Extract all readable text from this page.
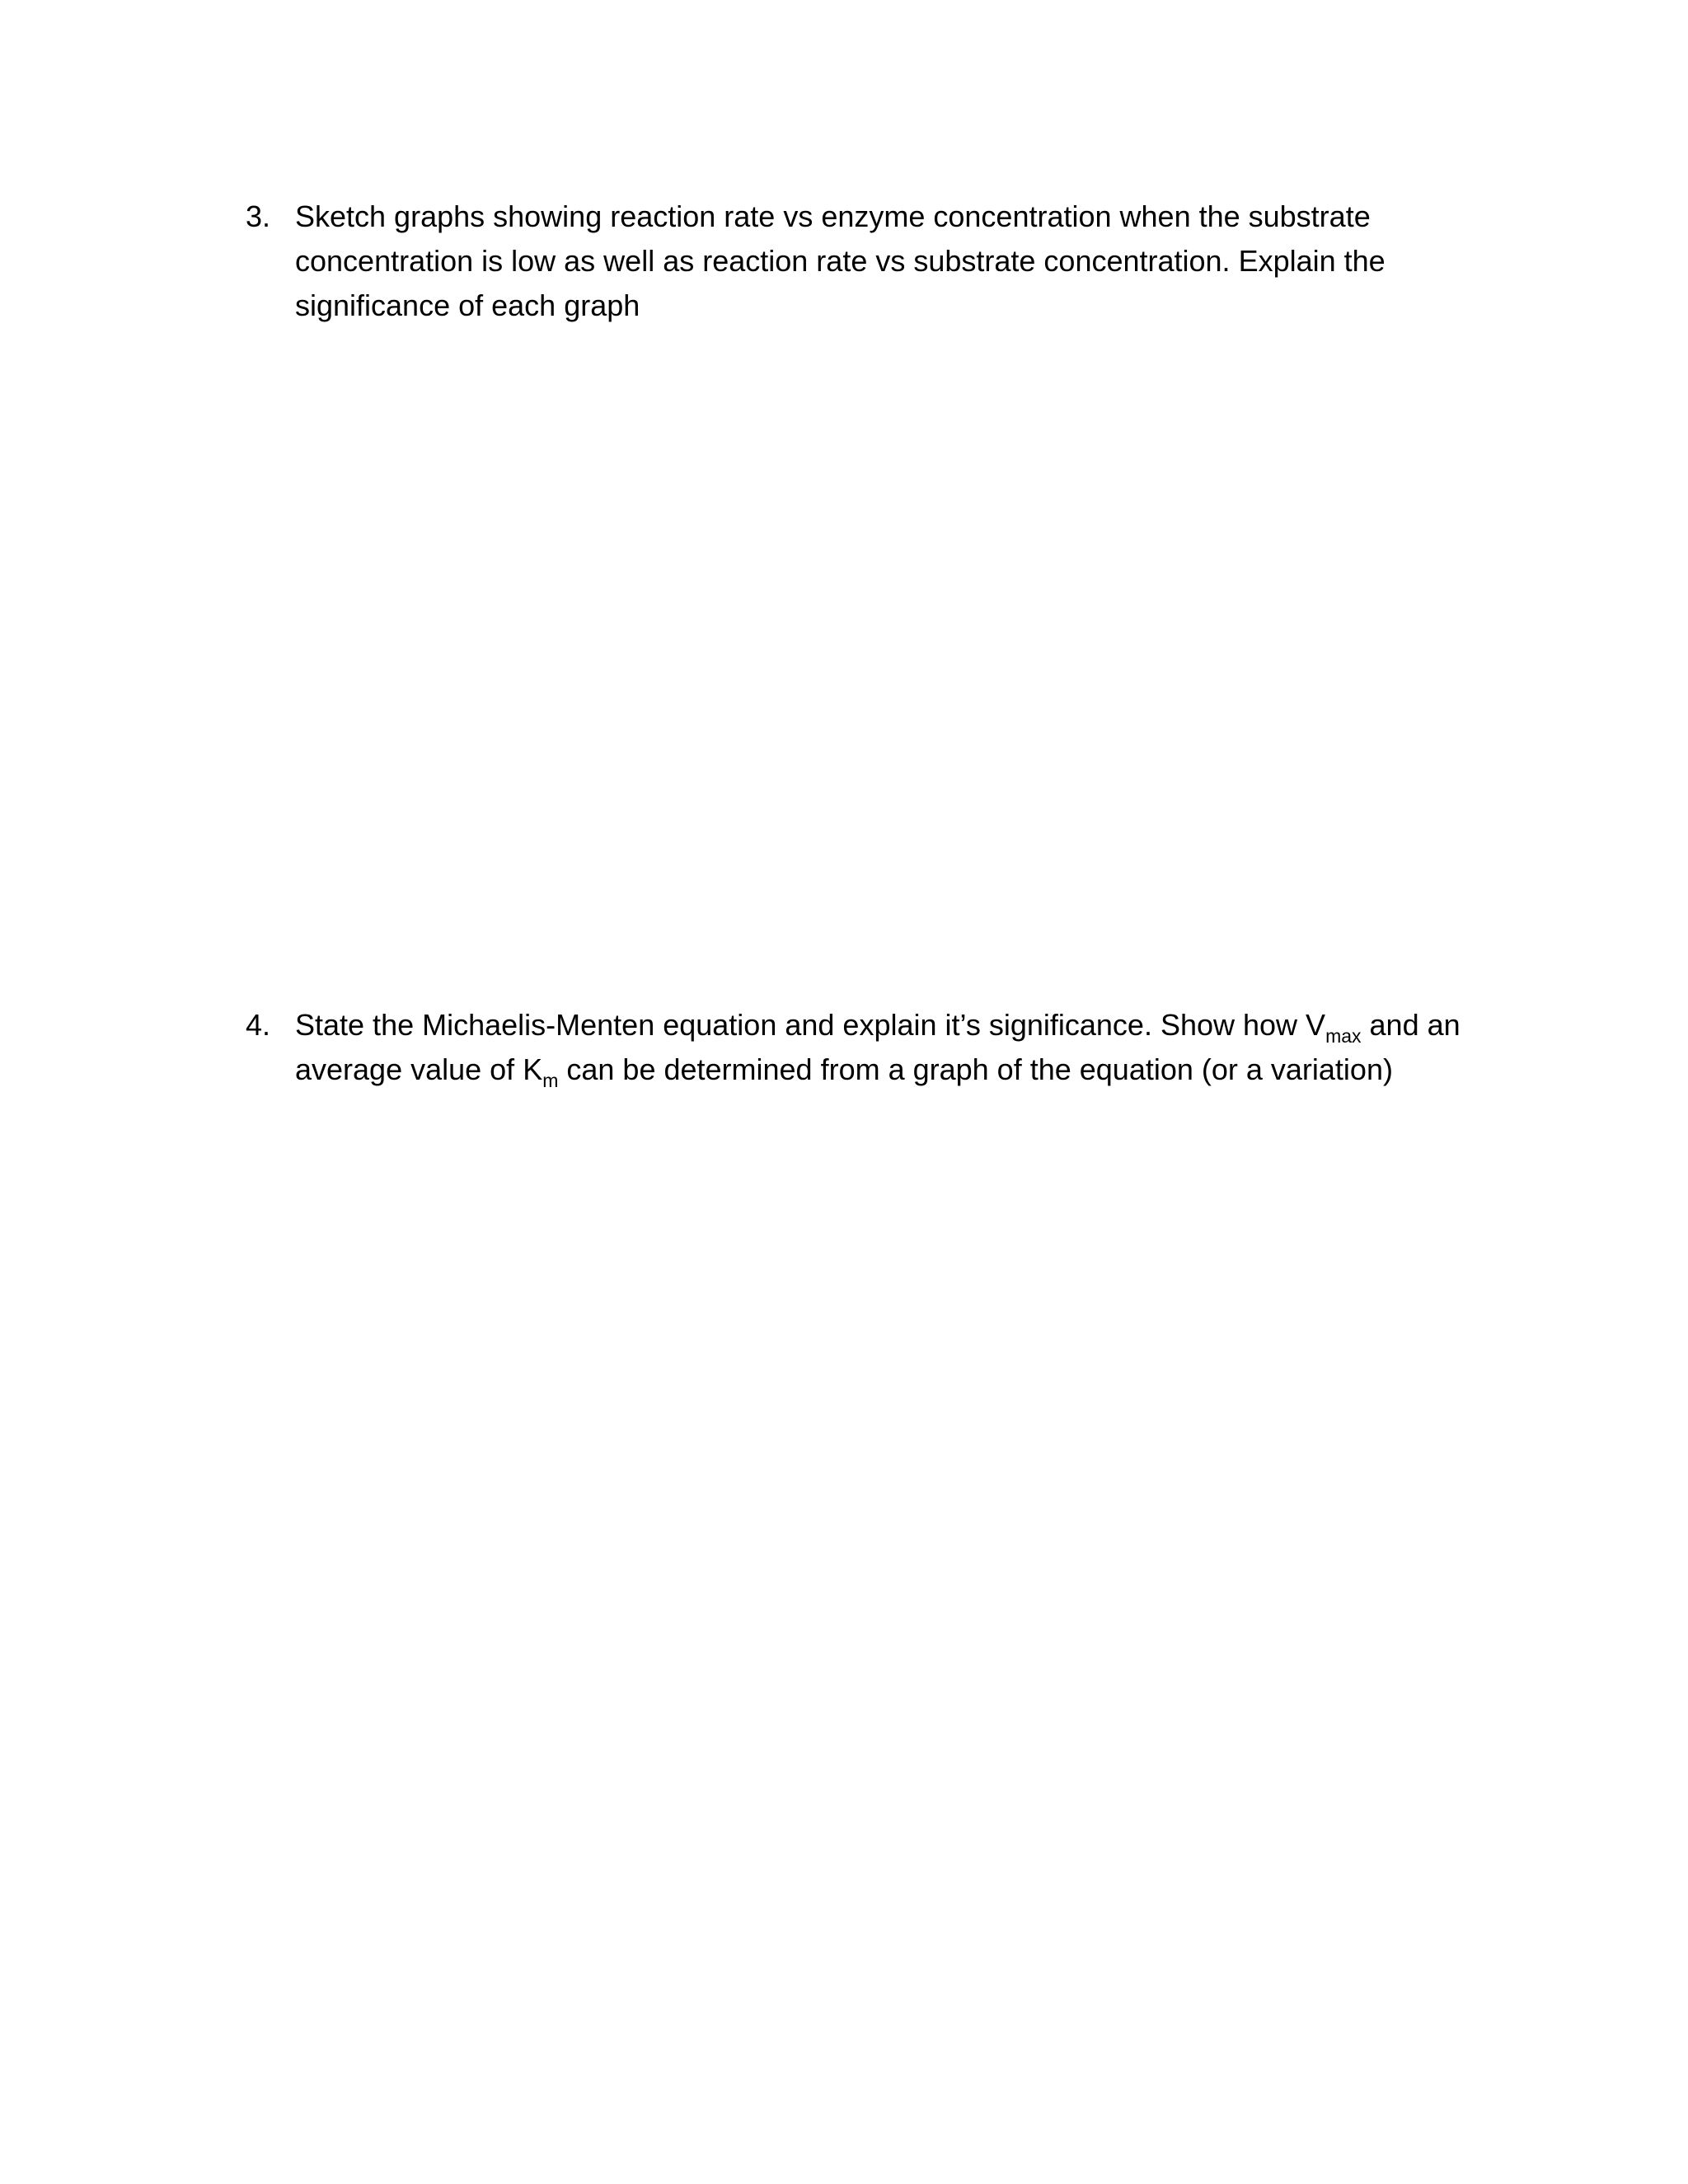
3. Sketch graphs showing reaction rate vs enzyme concentration when the substrate
concentration is low as well as reaction rate vs substrate concentration. Explain the
significance of each graph
4. State the Michaelis-Menten equation and explain it’s significance. Show how $V_{max}$ and an
average value of $K_m$ can be determined from a graph of the equation (or a variation)
